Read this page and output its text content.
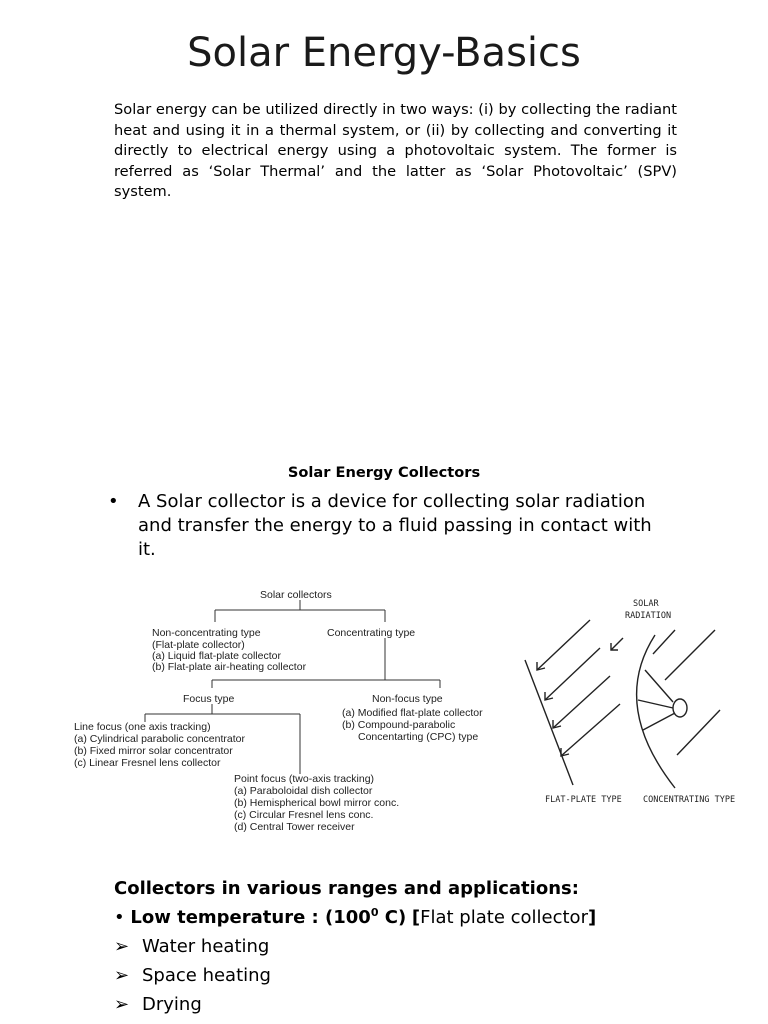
Solar Energy-Basics
Solar energy can be utilized directly in two ways: (i) by collecting the radiant heat and using it in a thermal system, or (ii) by collecting and converting it directly to electrical energy using a photovoltaic system. The former is referred as ‘Solar Thermal’ and the latter as ‘Solar Photovoltaic’ (SPV) system.
Solar Energy Collectors
• A Solar collector is a device for collecting solar radiation and transfer the energy to a fluid passing in contact with it.
Solar collectors
Non-concentrating type
(Flat-plate collector)
(a) Liquid flat-plate collector
(b) Flat-plate air-heating collector
Concentrating type
Focus type	Non-focus type
(a) Modified flat-plate collector
(b) Compound-parabolic
Concentarting (CPC) type
Line focus (one axis tracking)
(a) Cylindrical parabolic concentrator
(b) Fixed mirror solar concentrator
(c) Linear Fresnel lens collector
Point focus (two-axis tracking)
(a) Paraboloidal dish collector
(b) Hemispherical bowl mirror conc.
(c) Circular Fresnel lens conc.
(d) Central Tower receiver
SOLAR
RADIATION
FLAT-PLATE TYPE CONCENTRATING TYPE
Collectors in various ranges and applications:
• Low temperature : ($100^0$ C) [Flat plate collector]
➢ Water heating
➢ Space heating
➢ Drying
